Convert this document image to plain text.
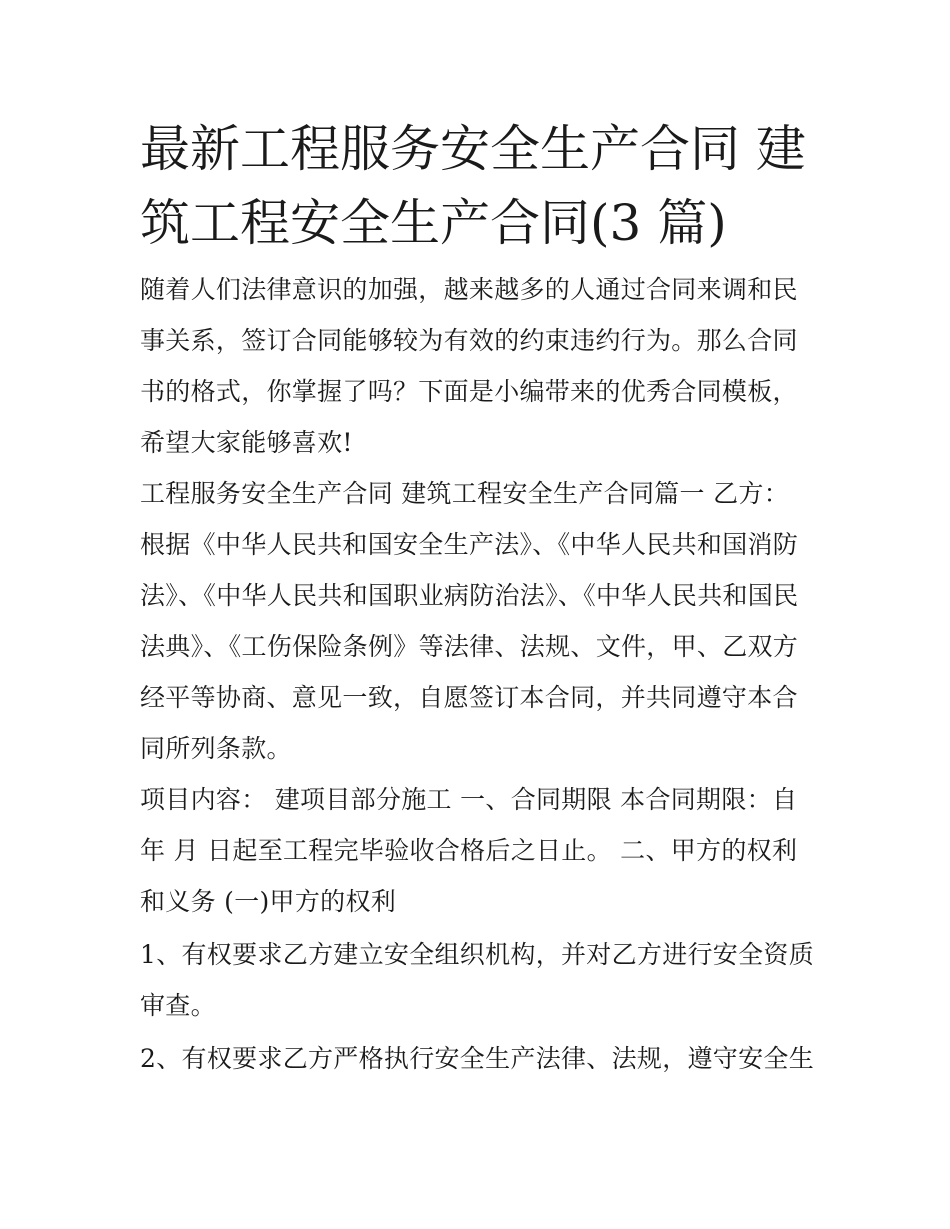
最新工程服务安全生产合同 建筑工程安全生产合同(3 篇)

随着人们法律意识的加强，越来越多的人通过合同来调和民事关系，签订合同能够较为有效的约束违约行为。那么合同书的格式，你掌握了吗？下面是小编带来的优秀合同模板，希望大家能够喜欢!

工程服务安全生产合同 建筑工程安全生产合同篇一 乙方：

根据《中华人民共和国安全生产法》、《中华人民共和国消防法》、《中华人民共和国职业病防治法》、《中华人民共和国民法典》、《工伤保险条例》等法律、法规、文件，甲、乙双方经平等协商、意见一致，自愿签订本合同，并共同遵守本合同所列条款。

项目内容： 建项目部分施工 一、合同期限 本合同期限：自 年 月 日起至工程完毕验收合格后之日止。 二、甲方的权利和义务 (一)甲方的权利

1、有权要求乙方建立安全组织机构，并对乙方进行安全资质审查。

2、有权要求乙方严格执行安全生产法律、法规，遵守安全生
